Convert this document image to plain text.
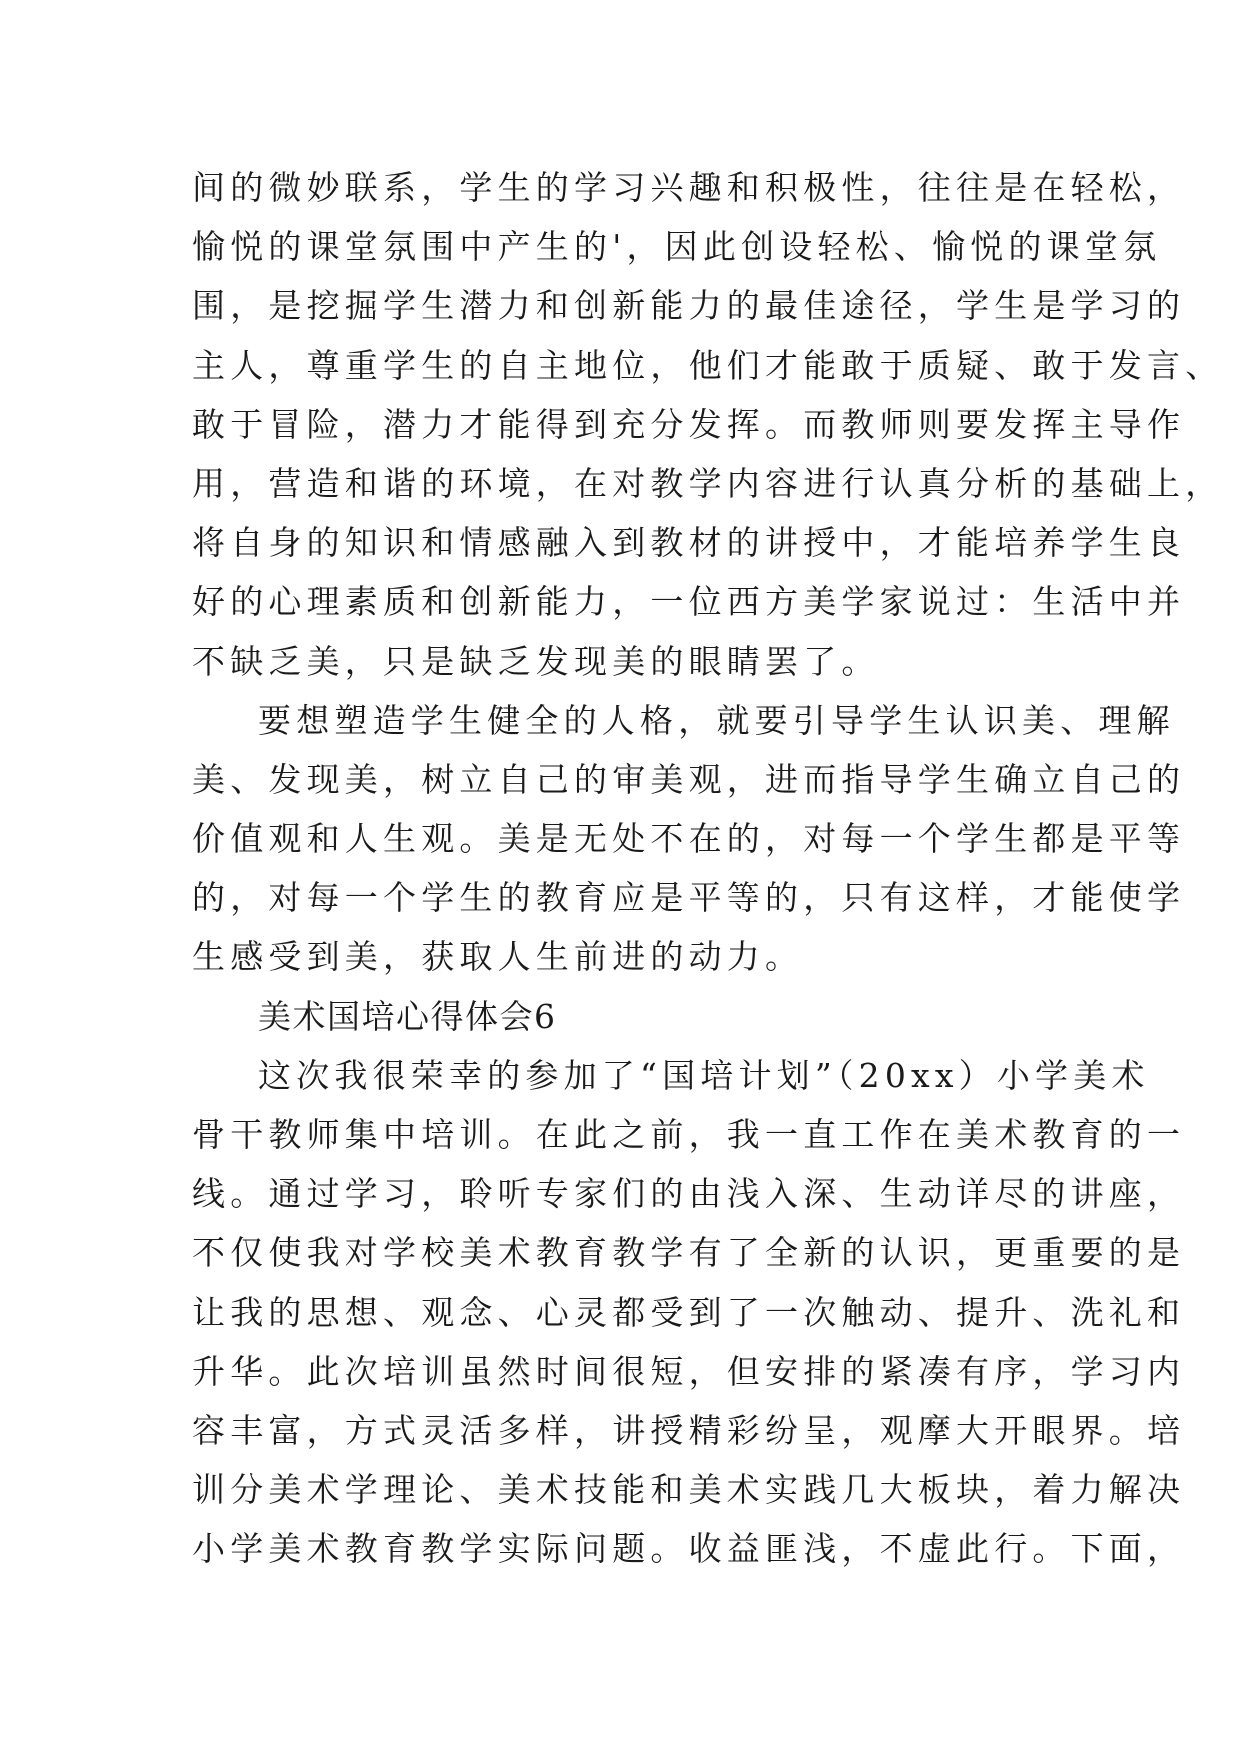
间的微妙联系，学生的学习兴趣和积极性，往往是在轻松，
愉悦的课堂氛围中产生的'，因此创设轻松、愉悦的课堂氛
围，是挖掘学生潜力和创新能力的最佳途径，学生是学习的
主人，尊重学生的自主地位，他们才能敢于质疑、敢于发言、
敢于冒险，潜力才能得到充分发挥。而教师则要发挥主导作
用，营造和谐的环境，在对教学内容进行认真分析的基础上，
将自身的知识和情感融入到教材的讲授中，才能培养学生良
好的心理素质和创新能力，一位西方美学家说过：生活中并
不缺乏美，只是缺乏发现美的眼睛罢了。
要想塑造学生健全的人格，就要引导学生认识美、理解
美、发现美，树立自己的审美观，进而指导学生确立自己的
价值观和人生观。美是无处不在的，对每一个学生都是平等
的，对每一个学生的教育应是平等的，只有这样，才能使学
生感受到美，获取人生前进的动力。
美术国培心得体会6
这次我很荣幸的参加了“国培计划”（20xx）小学美术
骨干教师集中培训。在此之前，我一直工作在美术教育的一
线。通过学习，聆听专家们的由浅入深、生动详尽的讲座，
不仅使我对学校美术教育教学有了全新的认识，更重要的是
让我的思想、观念、心灵都受到了一次触动、提升、洗礼和
升华。此次培训虽然时间很短，但安排的紧凑有序，学习内
容丰富，方式灵活多样，讲授精彩纷呈，观摩大开眼界。培
训分美术学理论、美术技能和美术实践几大板块，着力解决
小学美术教育教学实际问题。收益匪浅，不虚此行。下面，
